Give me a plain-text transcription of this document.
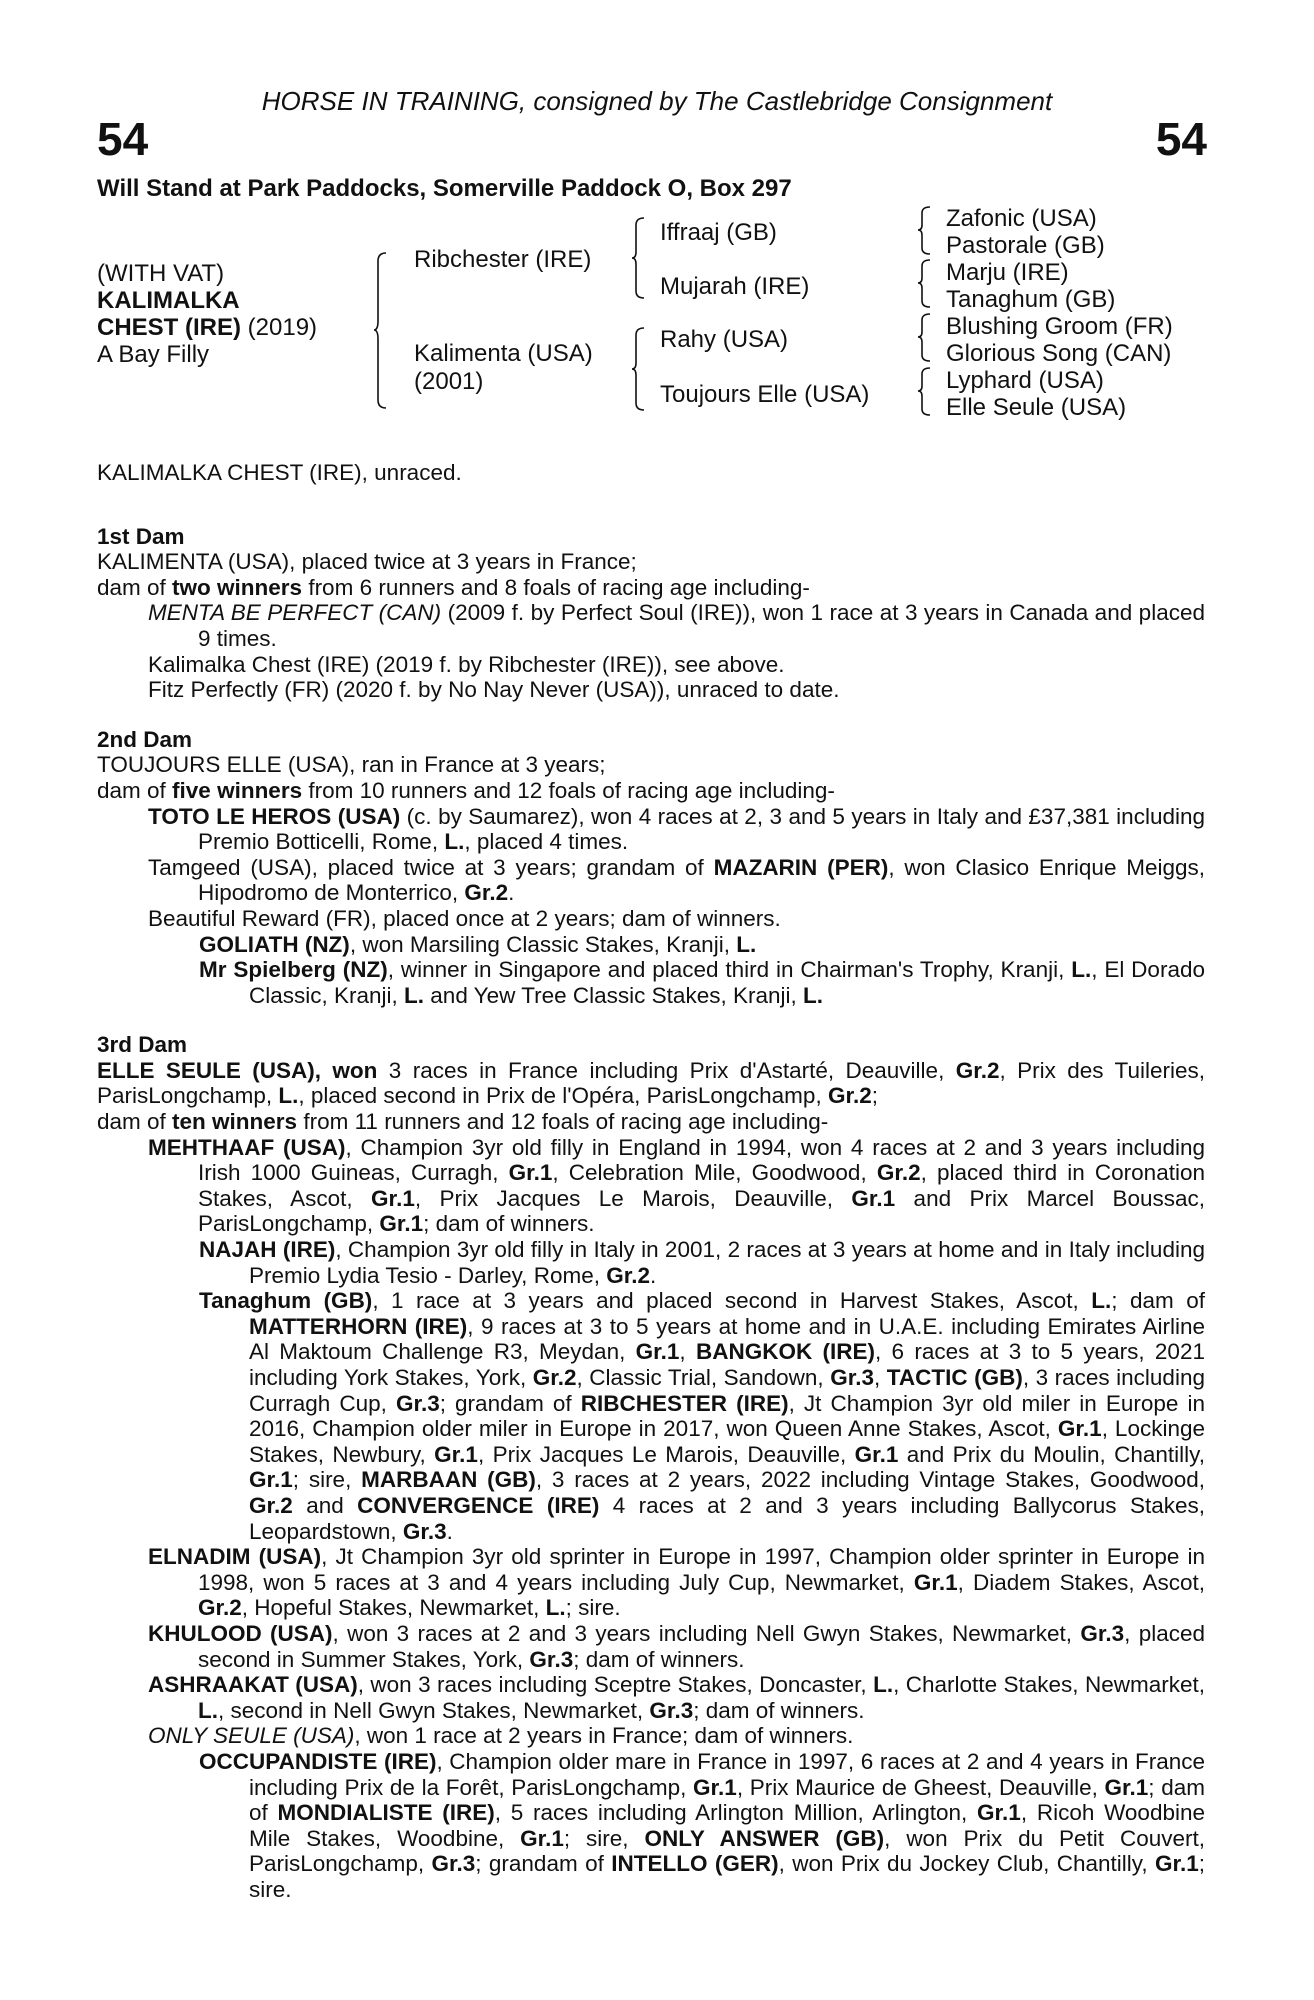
HORSE IN TRAINING, consigned by The Castlebridge Consignment
54	54
Will Stand at Park Paddocks, Somerville Paddock O, Box 297
(WITH VAT)
KALIMALKA
CHEST (IRE) (2019)
A Bay Filly
Ribchester (IRE)
Kalimenta (USA)
(2001)
Iffraaj (GB)
Mujarah (IRE)
Rahy (USA)
Toujours Elle (USA)
Zafonic (USA)
Pastorale (GB)
Marju (IRE)
Tanaghum (GB)
Blushing Groom (FR)
Glorious Song (CAN)
Lyphard (USA)
Elle Seule (USA)

KALIMALKA CHEST (IRE), unraced.

1st Dam

KALIMENTA (USA), placed twice at 3 years in France;

dam of two winners from 6 runners and 8 foals of racing age including-

MENTA BE PERFECT (CAN) (2009 f. by Perfect Soul (IRE)), won 1 race at 3 years in Canada and placed 9 times.

Kalimalka Chest (IRE) (2019 f. by Ribchester (IRE)), see above.

Fitz Perfectly (FR) (2020 f. by No Nay Never (USA)), unraced to date.

2nd Dam

TOUJOURS ELLE (USA), ran in France at 3 years;

dam of five winners from 10 runners and 12 foals of racing age including-

TOTO LE HEROS (USA) (c. by Saumarez), won 4 races at 2, 3 and 5 years in Italy and £37,381 including Premio Botticelli, Rome, L., placed 4 times.

Tamgeed (USA), placed twice at 3 years; grandam of MAZARIN (PER), won Clasico Enrique Meiggs, Hipodromo de Monterrico, Gr.2.

Beautiful Reward (FR), placed once at 2 years; dam of winners.

GOLIATH (NZ), won Marsiling Classic Stakes, Kranji, L.

Mr Spielberg (NZ), winner in Singapore and placed third in Chairman's Trophy, Kranji, L., El Dorado Classic, Kranji, L. and Yew Tree Classic Stakes, Kranji, L.

3rd Dam

ELLE SEULE (USA), won 3 races in France including Prix d'Astarté, Deauville, Gr.2, Prix des Tuileries, ParisLongchamp, L., placed second in Prix de l'Opéra, ParisLongchamp, Gr.2;

dam of ten winners from 11 runners and 12 foals of racing age including-

MEHTHAAF (USA), Champion 3yr old filly in England in 1994, won 4 races at 2 and 3 years including Irish 1000 Guineas, Curragh, Gr.1, Celebration Mile, Goodwood, Gr.2, placed third in Coronation Stakes, Ascot, Gr.1, Prix Jacques Le Marois, Deauville, Gr.1 and Prix Marcel Boussac, ParisLongchamp, Gr.1; dam of winners.

NAJAH (IRE), Champion 3yr old filly in Italy in 2001, 2 races at 3 years at home and in Italy including Premio Lydia Tesio - Darley, Rome, Gr.2.

Tanaghum (GB), 1 race at 3 years and placed second in Harvest Stakes, Ascot, L.; dam of MATTERHORN (IRE), 9 races at 3 to 5 years at home and in U.A.E. including Emirates Airline Al Maktoum Challenge R3, Meydan, Gr.1, BANGKOK (IRE), 6 races at 3 to 5 years, 2021 including York Stakes, York, Gr.2, Classic Trial, Sandown, Gr.3, TACTIC (GB), 3 races including Curragh Cup, Gr.3; grandam of RIBCHESTER (IRE), Jt Champion 3yr old miler in Europe in 2016, Champion older miler in Europe in 2017, won Queen Anne Stakes, Ascot, Gr.1, Lockinge Stakes, Newbury, Gr.1, Prix Jacques Le Marois, Deauville, Gr.1 and Prix du Moulin, Chantilly, Gr.1; sire, MARBAAN (GB), 3 races at 2 years, 2022 including Vintage Stakes, Goodwood, Gr.2 and CONVERGENCE (IRE) 4 races at 2 and 3 years including Ballycorus Stakes, Leopardstown, Gr.3.

ELNADIM (USA), Jt Champion 3yr old sprinter in Europe in 1997, Champion older sprinter in Europe in 1998, won 5 races at 3 and 4 years including July Cup, Newmarket, Gr.1, Diadem Stakes, Ascot, Gr.2, Hopeful Stakes, Newmarket, L.; sire.

KHULOOD (USA), won 3 races at 2 and 3 years including Nell Gwyn Stakes, Newmarket, Gr.3, placed second in Summer Stakes, York, Gr.3; dam of winners.

ASHRAAKAT (USA), won 3 races including Sceptre Stakes, Doncaster, L., Charlotte Stakes, Newmarket, L., second in Nell Gwyn Stakes, Newmarket, Gr.3; dam of winners.

ONLY SEULE (USA), won 1 race at 2 years in France; dam of winners.

OCCUPANDISTE (IRE), Champion older mare in France in 1997, 6 races at 2 and 4 years in France including Prix de la Forêt, ParisLongchamp, Gr.1, Prix Maurice de Gheest, Deauville, Gr.1; dam of MONDIALISTE (IRE), 5 races including Arlington Million, Arlington, Gr.1, Ricoh Woodbine Mile Stakes, Woodbine, Gr.1; sire, ONLY ANSWER (GB), won Prix du Petit Couvert, ParisLongchamp, Gr.3; grandam of INTELLO (GER), won Prix du Jockey Club, Chantilly, Gr.1; sire.
